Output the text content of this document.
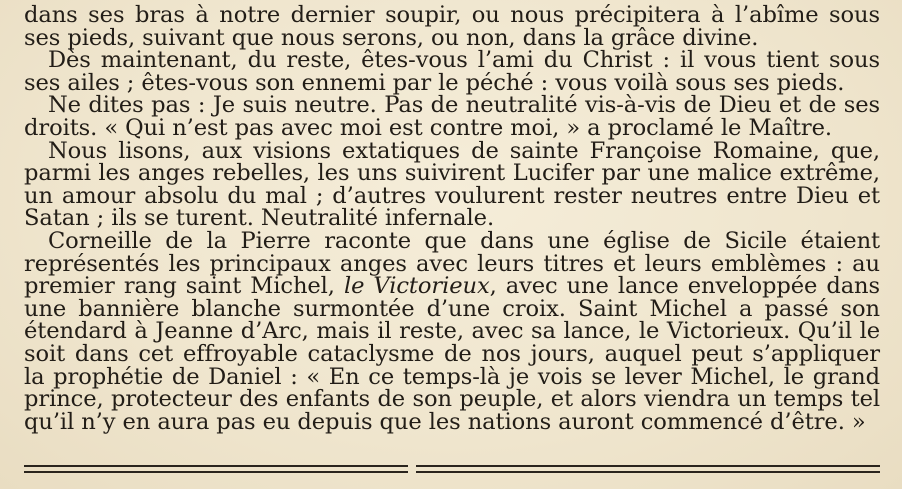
dans ses bras à notre dernier soupir, ou nous précipitera à l’abîme sous ses pieds, suivant que nous serons, ou non, dans la grâce divine.

Dès maintenant, du reste, êtes-vous l’ami du Christ : il vous tient sous ses ailes ; êtes-vous son ennemi par le péché : vous voilà sous ses pieds.

Ne dites pas : Je suis neutre. Pas de neutralité vis-à-vis de Dieu et de ses droits. « Qui n’est pas avec moi est contre moi, » a proclamé le Maître.

Nous lisons, aux visions extatiques de sainte Françoise Romaine, que, parmi les anges rebelles, les uns suivirent Lucifer par une malice extrême, un amour absolu du mal ; d’autres voulurent rester neutres entre Dieu et Satan ; ils se turent. Neutralité infernale.

Corneille de la Pierre raconte que dans une église de Sicile étaient représentés les principaux anges avec leurs titres et leurs emblèmes : au premier rang saint Michel, le Victorieux, avec une lance enveloppée dans une bannière blanche surmontée d’une croix. Saint Michel a passé son étendard à Jeanne d’Arc, mais il reste, avec sa lance, le Victorieux. Qu’il le soit dans cet effroyable cataclysme de nos jours, auquel peut s’appliquer la prophétie de Daniel : « En ce temps-là je vois se lever Michel, le grand prince, protecteur des enfants de son peuple, et alors viendra un temps tel qu’il n’y en aura pas eu depuis que les nations auront commencé d’être. »
